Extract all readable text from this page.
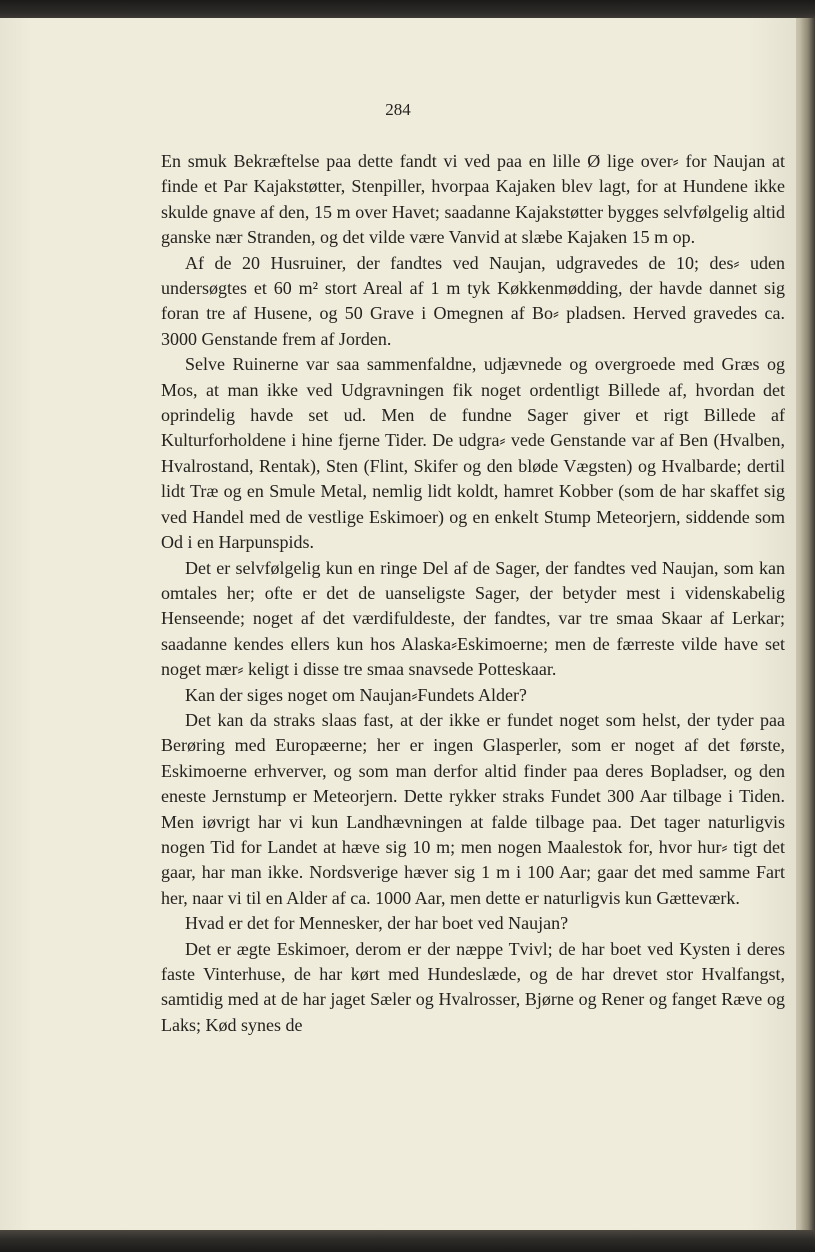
284

En smuk Bekræftelse paa dette fandt vi ved paa en lille Ø lige over⸗ for Naujan at finde et Par Kajakstøtter, Stenpiller, hvorpaa Kajaken blev lagt, for at Hundene ikke skulde gnave af den, 15 m over Havet; saadanne Kajakstøtter bygges selvfølgelig altid ganske nær Stranden, og det vilde være Vanvid at slæbe Kajaken 15 m op.

Af de 20 Husruiner, der fandtes ved Naujan, udgravedes de 10; des⸗ uden undersøgtes et 60 m² stort Areal af 1 m tyk Køkkenmødding, der havde dannet sig foran tre af Husene, og 50 Grave i Omegnen af Bo⸗ pladsen. Herved gravedes ca. 3000 Genstande frem af Jorden.

Selve Ruinerne var saa sammenfaldne, udjævnede og overgroede med Græs og Mos, at man ikke ved Udgravningen fik noget ordentligt Billede af, hvordan det oprindelig havde set ud. Men de fundne Sager giver et rigt Billede af Kulturforholdene i hine fjerne Tider. De udgra⸗ vede Genstande var af Ben (Hvalben, Hvalrostand, Rentak), Sten (Flint, Skifer og den bløde Vægsten) og Hvalbarde; dertil lidt Træ og en Smule Metal, nemlig lidt koldt, hamret Kobber (som de har skaffet sig ved Handel med de vestlige Eskimoer) og en enkelt Stump Meteorjern, siddende som Od i en Harpunspids.

Det er selvfølgelig kun en ringe Del af de Sager, der fandtes ved Naujan, som kan omtales her; ofte er det de uanseligste Sager, der betyder mest i videnskabelig Henseende; noget af det værdifuldeste, der fandtes, var tre smaa Skaar af Lerkar; saadanne kendes ellers kun hos Alaska⸗Eskimoerne; men de færreste vilde have set noget mær⸗ keligt i disse tre smaa snavsede Potteskaar.

Kan der siges noget om Naujan⸗Fundets Alder?

Det kan da straks slaas fast, at der ikke er fundet noget som helst, der tyder paa Berøring med Europæerne; her er ingen Glasperler, som er noget af det første, Eskimoerne erhverver, og som man derfor altid finder paa deres Bopladser, og den eneste Jernstump er Meteorjern. Dette rykker straks Fundet 300 Aar tilbage i Tiden. Men iøvrigt har vi kun Landhævningen at falde tilbage paa. Det tager naturligvis nogen Tid for Landet at hæve sig 10 m; men nogen Maalestok for, hvor hur⸗ tigt det gaar, har man ikke. Nordsverige hæver sig 1 m i 100 Aar; gaar det med samme Fart her, naar vi til en Alder af ca. 1000 Aar, men dette er naturligvis kun Gætteværk.

Hvad er det for Mennesker, der har boet ved Naujan?

Det er ægte Eskimoer, derom er der næppe Tvivl; de har boet ved Kysten i deres faste Vinterhuse, de har kørt med Hundeslæde, og de har drevet stor Hvalfangst, samtidig med at de har jaget Sæler og Hvalrosser, Bjørne og Rener og fanget Ræve og Laks; Kød synes de
